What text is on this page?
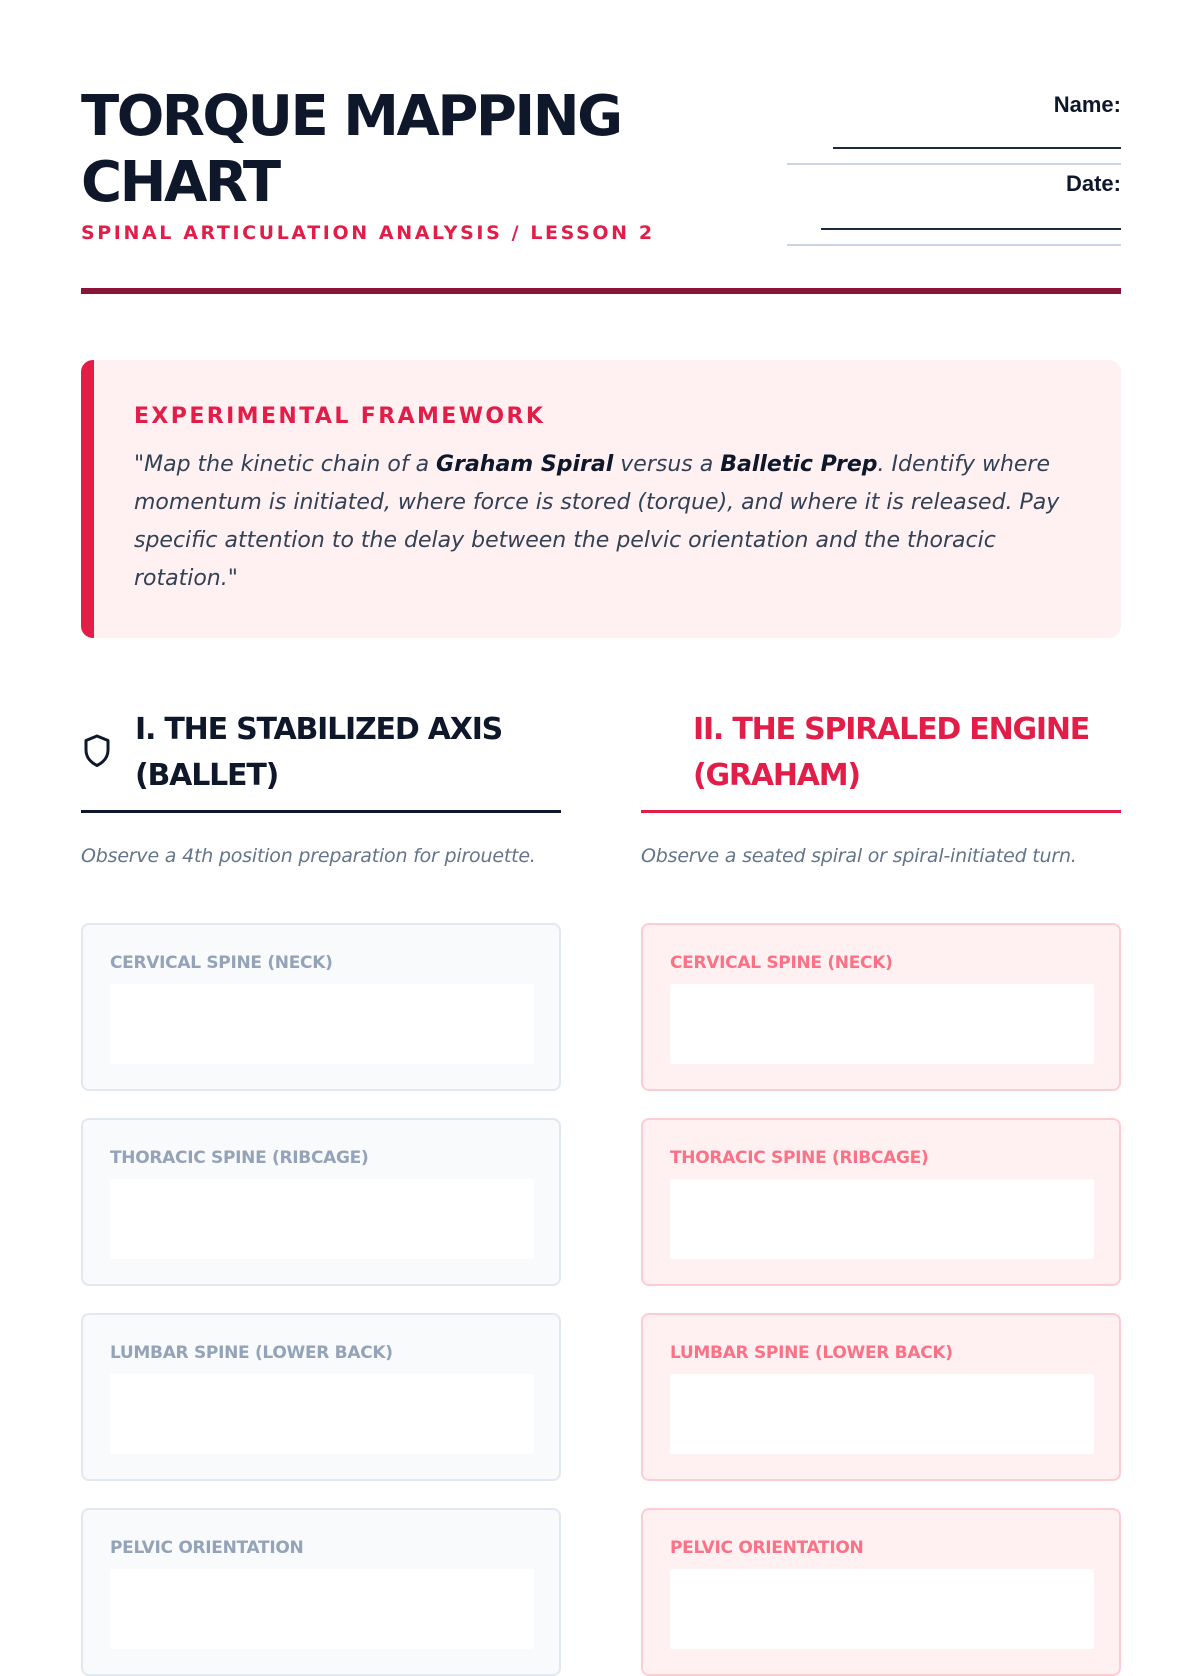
TORQUE MAPPING CHART
SPINAL ARTICULATION ANALYSIS / LESSON 2
Name:
Date:
EXPERIMENTAL FRAMEWORK

"Map the kinetic chain of a Graham Spiral versus a Balletic Prep. Identify where momentum is initiated, where force is stored (torque), and where it is released. Pay specific attention to the delay between the pelvic orientation and the thoracic rotation."

I. THE STABILIZED AXIS (BALLET)
Observe a 4th position preparation for pirouette.
CERVICAL SPINE (NECK)
THORACIC SPINE (RIBCAGE)
LUMBAR SPINE (LOWER BACK)
PELVIC ORIENTATION
II. THE SPIRALED ENGINE (GRAHAM)
Observe a seated spiral or spiral-initiated turn.
CERVICAL SPINE (NECK)
THORACIC SPINE (RIBCAGE)
LUMBAR SPINE (LOWER BACK)
PELVIC ORIENTATION
